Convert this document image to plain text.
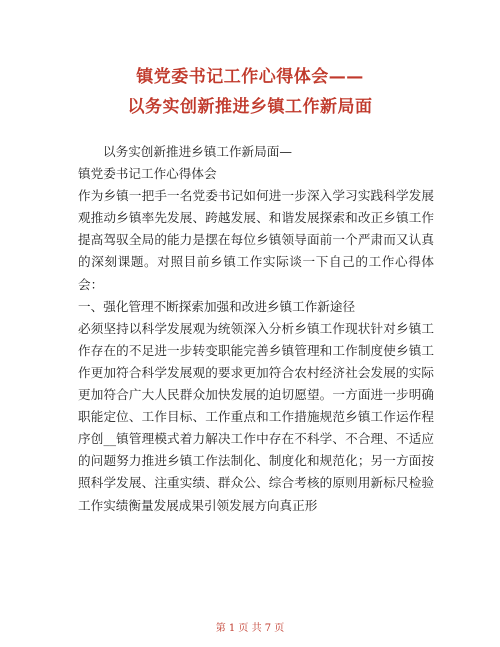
镇党委书记工作心得体会——
以务实创新推进乡镇工作新局面

以务实创新推进乡镇工作新局面—

镇党委书记工作心得体会

作为乡镇一把手一名党委书记如何进一步深入学习实践科学发展观推动乡镇率先发展、跨越发展、和谐发展探索和改正乡镇工作提高驾驭全局的能力是摆在每位乡镇领导面前一个严肃而又认真的深刻课题。对照目前乡镇工作实际谈一下自己的工作心得体会：

一、强化管理不断探索加强和改进乡镇工作新途径

必须坚持以科学发展观为统领深入分析乡镇工作现状针对乡镇工作存在的不足进一步转变职能完善乡镇管理和工作制度使乡镇工作更加符合科学发展观的要求更加符合农村经济社会发展的实际更加符合广大人民群众加快发展的迫切愿望。一方面进一步明确职能定位、工作目标、工作重点和工作措施规范乡镇工作运作程序创__镇管理模式着力解决工作中存在不科学、不合理、不适应的问题努力推进乡镇工作法制化、制度化和规范化；另一方面按照科学发展、注重实绩、群众公、综合考核的原则用新标尺检验工作实绩衡量发展成果引领发展方向真正形

第 1 页 共 7 页
